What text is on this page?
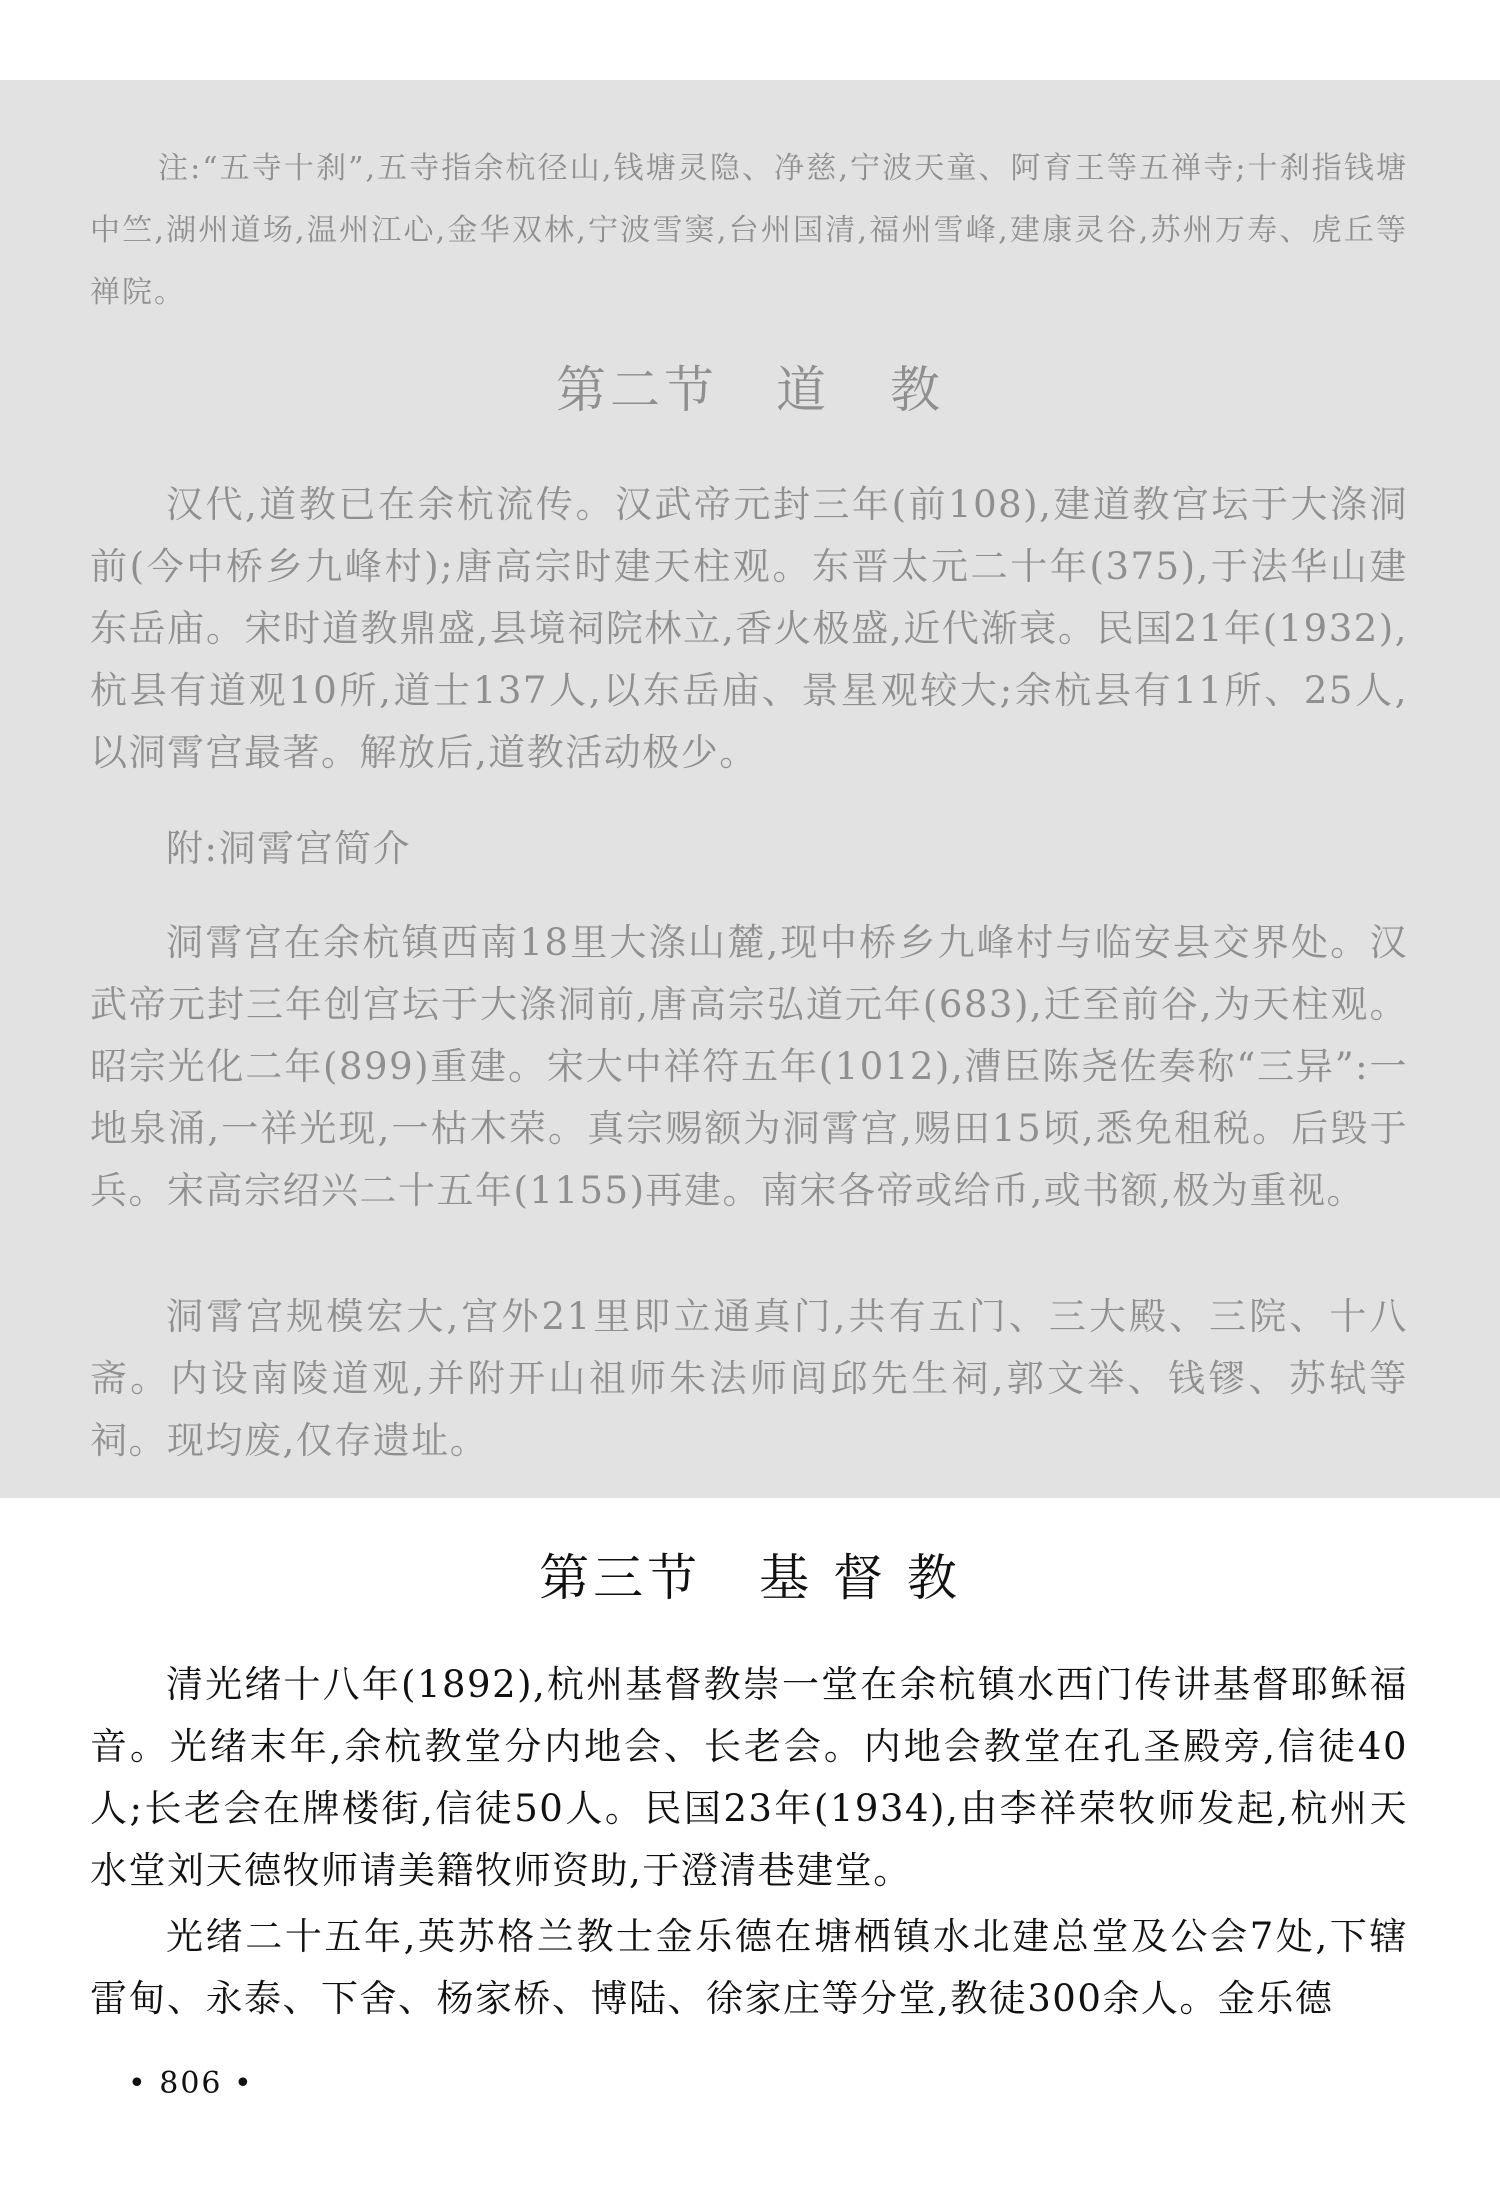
注:“五寺十刹”,五寺指余杭径山,钱塘灵隐、净慈,宁波天童、阿育王等五禅寺;十刹指钱塘中竺,湖州道场,温州江心,金华双林,宁波雪窦,台州国清,福州雪峰,建康灵谷,苏州万寿、虎丘等禅院。

第二节 道 教

汉代,道教已在余杭流传。汉武帝元封三年(前108),建道教宫坛于大涤洞前(今中桥乡九峰村);唐高宗时建天柱观。东晋太元二十年(375),于法华山建东岳庙。宋时道教鼎盛,县境祠院林立,香火极盛,近代渐衰。民国21年(1932),杭县有道观10所,道士137人,以东岳庙、景星观较大;余杭县有11所、25人,以洞霄宫最著。解放后,道教活动极少。

附:洞霄宫简介

洞霄宫在余杭镇西南18里大涤山麓,现中桥乡九峰村与临安县交界处。汉武帝元封三年创宫坛于大涤洞前,唐高宗弘道元年(683),迁至前谷,为天柱观。昭宗光化二年(899)重建。宋大中祥符五年(1012),漕臣陈尧佐奏称“三异”:一地泉涌,一祥光现,一枯木荣。真宗赐额为洞霄宫,赐田15顷,悉免租税。后毁于兵。宋高宗绍兴二十五年(1155)再建。南宋各帝或给币,或书额,极为重视。

洞霄宫规模宏大,宫外21里即立通真门,共有五门、三大殿、三院、十八斋。内设南陵道观,并附开山祖师朱法师闾邱先生祠,郭文举、钱镠、苏轼等祠。现均废,仅存遗址。

第三节 基 督 教

清光绪十八年(1892),杭州基督教崇一堂在余杭镇水西门传讲基督耶稣福音。光绪末年,余杭教堂分内地会、长老会。内地会教堂在孔圣殿旁,信徒40人;长老会在牌楼街,信徒50人。民国23年(1934),由李祥荣牧师发起,杭州天水堂刘天德牧师请美籍牧师资助,于澄清巷建堂。

光绪二十五年,英苏格兰教士金乐德在塘栖镇水北建总堂及公会7处,下辖雷甸、永泰、下舍、杨家桥、博陆、徐家庄等分堂,教徒300余人。金乐德

• 806 •
